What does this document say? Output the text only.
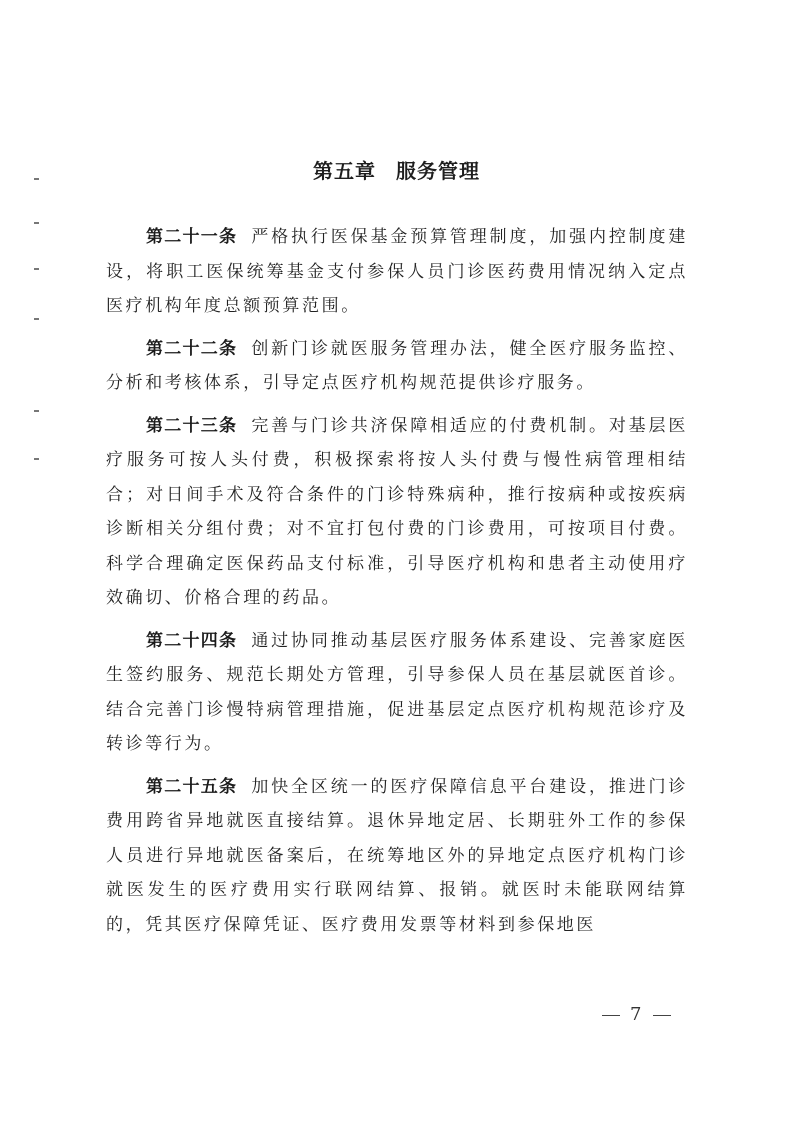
第五章 服务管理

第二十一条 严格执行医保基金预算管理制度，加强内控制度建设，将职工医保统筹基金支付参保人员门诊医药费用情况纳入定点医疗机构年度总额预算范围。

第二十二条 创新门诊就医服务管理办法，健全医疗服务监控、分析和考核体系，引导定点医疗机构规范提供诊疗服务。

第二十三条 完善与门诊共济保障相适应的付费机制。对基层医疗服务可按人头付费，积极探索将按人头付费与慢性病管理相结合；对日间手术及符合条件的门诊特殊病种，推行按病种或按疾病诊断相关分组付费；对不宜打包付费的门诊费用，可按项目付费。科学合理确定医保药品支付标准，引导医疗机构和患者主动使用疗效确切、价格合理的药品。

第二十四条 通过协同推动基层医疗服务体系建设、完善家庭医生签约服务、规范长期处方管理，引导参保人员在基层就医首诊。结合完善门诊慢特病管理措施，促进基层定点医疗机构规范诊疗及转诊等行为。

第二十五条 加快全区统一的医疗保障信息平台建设，推进门诊费用跨省异地就医直接结算。退休异地定居、长期驻外工作的参保人员进行异地就医备案后，在统筹地区外的异地定点医疗机构门诊就医发生的医疗费用实行联网结算、报销。就医时未能联网结算的，凭其医疗保障凭证、医疗费用发票等材料到参保地医

7
